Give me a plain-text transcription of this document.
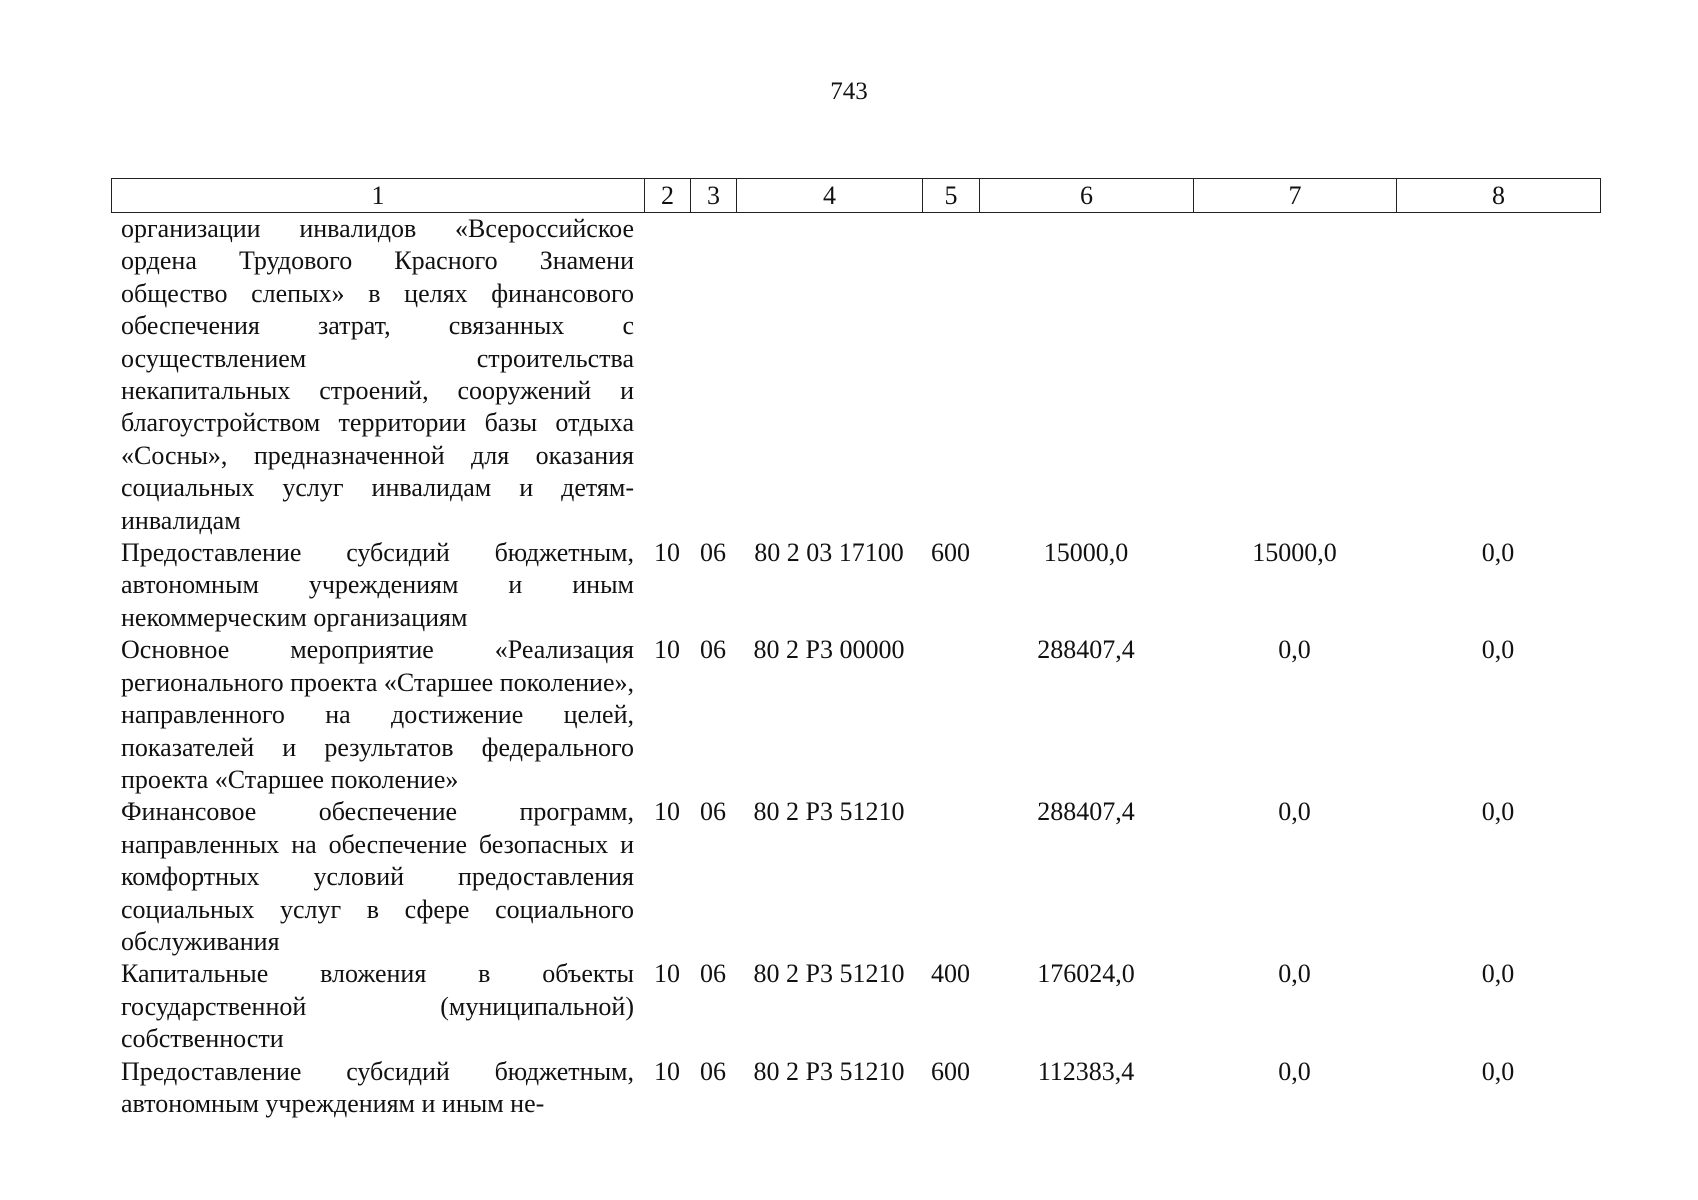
743
1	2	3	4	5	6	7	8
организации инвалидов «Всероссийское ордена Трудового Красного Знамени общество слепых» в целях финансового обеспечения затрат, связанных с осуществлением строительства некапитальных строений, сооружений и благоустройством территории базы отдыха «Сосны», предназначенной для оказания социальных услуг инвалидам и детям-инвалидам							
Предоставление субсидий бюджетным, автономным учреждениям и иным некоммерческим организациям	10	06	80 2 03 17100	600	15000,0	15000,0	0,0
Основное мероприятие «Реализация регионального проекта «Старшее поколение», направленного на достижение целей, показателей и результатов федерального проекта «Старшее поколение»	10	06	80 2 P3 00000		288407,4	0,0	0,0
Финансовое обеспечение программ, направленных на обеспечение безопасных и комфортных условий предоставления социальных услуг в сфере социального обслуживания	10	06	80 2 P3 51210		288407,4	0,0	0,0
Капитальные вложения в объекты государственной (муниципальной) собственности	10	06	80 2 P3 51210	400	176024,0	0,0	0,0
Предоставление субсидий бюджетным, автономным учреждениям и иным не-	10	06	80 2 P3 51210	600	112383,4	0,0	0,0
